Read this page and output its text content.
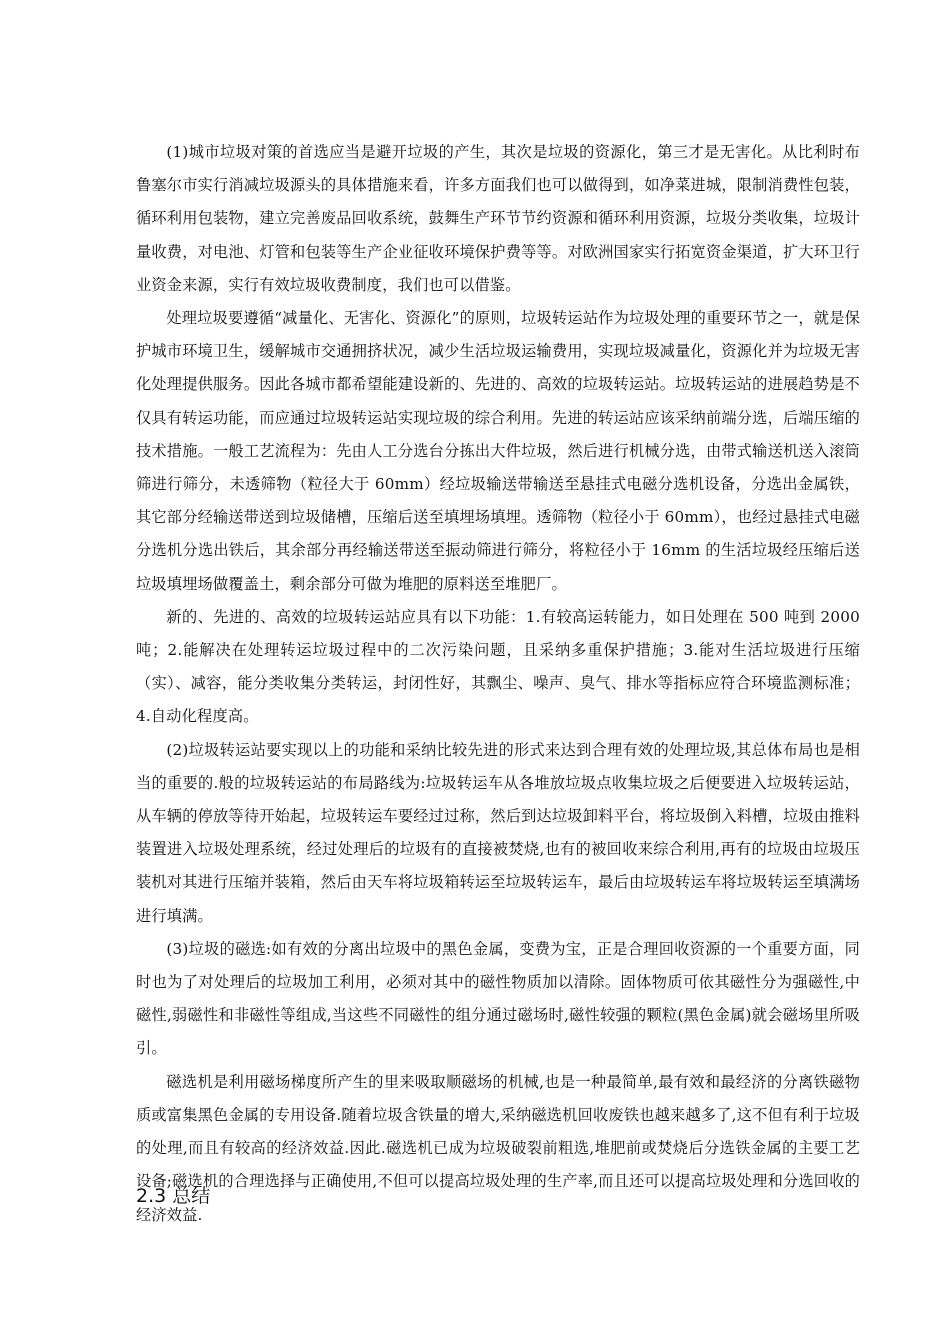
(1)城市垃圾对策的首选应当是避开垃圾的产生，其次是垃圾的资源化，第三才是无害化。从比利时布鲁塞尔市实行消减垃圾源头的具体措施来看，许多方面我们也可以做得到，如净菜进城，限制消费性包装，循环利用包装物，建立完善废品回收系统，鼓舞生产环节节约资源和循环利用资源，垃圾分类收集，垃圾计量收费，对电池、灯管和包装等生产企业征收环境保护费等等。对欧洲国家实行拓宽资金渠道，扩大环卫行业资金来源，实行有效垃圾收费制度，我们也可以借鉴。

处理垃圾要遵循“减量化、无害化、资源化”的原则，垃圾转运站作为垃圾处理的重要环节之一，就是保护城市环境卫生，缓解城市交通拥挤状况，减少生活垃圾运输费用，实现垃圾减量化，资源化并为垃圾无害化处理提供服务。因此各城市都希望能建设新的、先进的、高效的垃圾转运站。垃圾转运站的进展趋势是不仅具有转运功能，而应通过垃圾转运站实现垃圾的综合利用。先进的转运站应该采纳前端分选，后端压缩的技术措施。一般工艺流程为：先由人工分选台分拣出大件垃圾，然后进行机械分选，由带式输送机送入滚筒筛进行筛分，未透筛物（粒径大于 60mm）经垃圾输送带输送至悬挂式电磁分选机设备，分选出金属铁，其它部分经输送带送到垃圾储槽，压缩后送至填埋场填埋。透筛物（粒径小于 60mm），也经过悬挂式电磁分选机分选出铁后，其余部分再经输送带送至振动筛进行筛分，将粒径小于 16mm 的生活垃圾经压缩后送垃圾填埋场做覆盖土，剩余部分可做为堆肥的原料送至堆肥厂。

新的、先进的、高效的垃圾转运站应具有以下功能：1.有较高运转能力，如日处理在 500 吨到 2000 吨；2.能解决在处理转运垃圾过程中的二次污染问题，且采纳多重保护措施；3.能对生活垃圾进行压缩（实）、减容，能分类收集分类转运，封闭性好，其飘尘、噪声、臭气、排水等指标应符合环境监测标准；4.自动化程度高。

(2)垃圾转运站要实现以上的功能和采纳比较先进的形式来达到合理有效的处理垃圾,其总体布局也是相当的重要的.般的垃圾转运站的布局路线为:垃圾转运车从各堆放垃圾点收集垃圾之后便要进入垃圾转运站，从车辆的停放等待开始起，垃圾转运车要经过过称，然后到达垃圾卸料平台，将垃圾倒入料槽，垃圾由推料装置进入垃圾处理系统，经过处理后的垃圾有的直接被焚烧,也有的被回收来综合利用,再有的垃圾由垃圾压装机对其进行压缩并装箱，然后由天车将垃圾箱转运至垃圾转运车，最后由垃圾转运车将垃圾转运至填满场进行填满。

(3)垃圾的磁选:如有效的分离出垃圾中的黑色金属，变费为宝，正是合理回收资源的一个重要方面，同时也为了对处理后的垃圾加工利用，必须对其中的磁性物质加以清除。固体物质可依其磁性分为强磁性,中磁性,弱磁性和非磁性等组成,当这些不同磁性的组分通过磁场时,磁性较强的颗粒(黑色金属)就会磁场里所吸引。

磁选机是利用磁场梯度所产生的里来吸取顺磁场的机械,也是一种最简单,最有效和最经济的分离铁磁物质或富集黑色金属的专用设备.随着垃圾含铁量的增大,采纳磁选机回收废铁也越来越多了,这不但有利于垃圾的处理,而且有较高的经济效益.因此.磁选机已成为垃圾破裂前粗选,堆肥前或焚烧后分选铁金属的主要工艺设备;磁选机的合理选择与正确使用,不但可以提高垃圾处理的生产率,而且还可以提高垃圾处理和分选回收的经济效益.

2.3 总结
